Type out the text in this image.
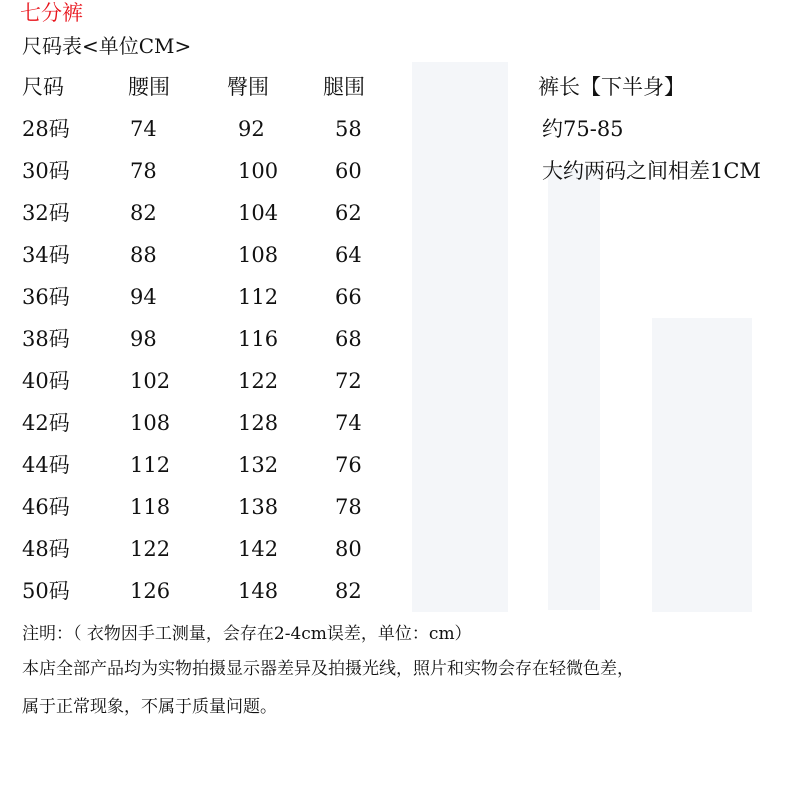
七分裤
尺码表<单位CM>
尺码	腰围	臀围	腿围
28码	74	92	58
30码	78	100	60
32码	82	104	62
34码	88	108	64
36码	94	112	66
38码	98	116	68
40码	102	122	72
42码	108	128	74
44码	112	132	76
46码	118	138	78
48码	122	142	80
50码	126	148	82
裤长【下半身】
约75-85
大约两码之间相差1CM
注明：（ 衣物因手工测量，会存在2-4cm误差，单位：cm）
本店全部产品均为实物拍摄显示器差异及拍摄光线，照片和实物会存在轻微色差，
属于正常现象，不属于质量问题。
